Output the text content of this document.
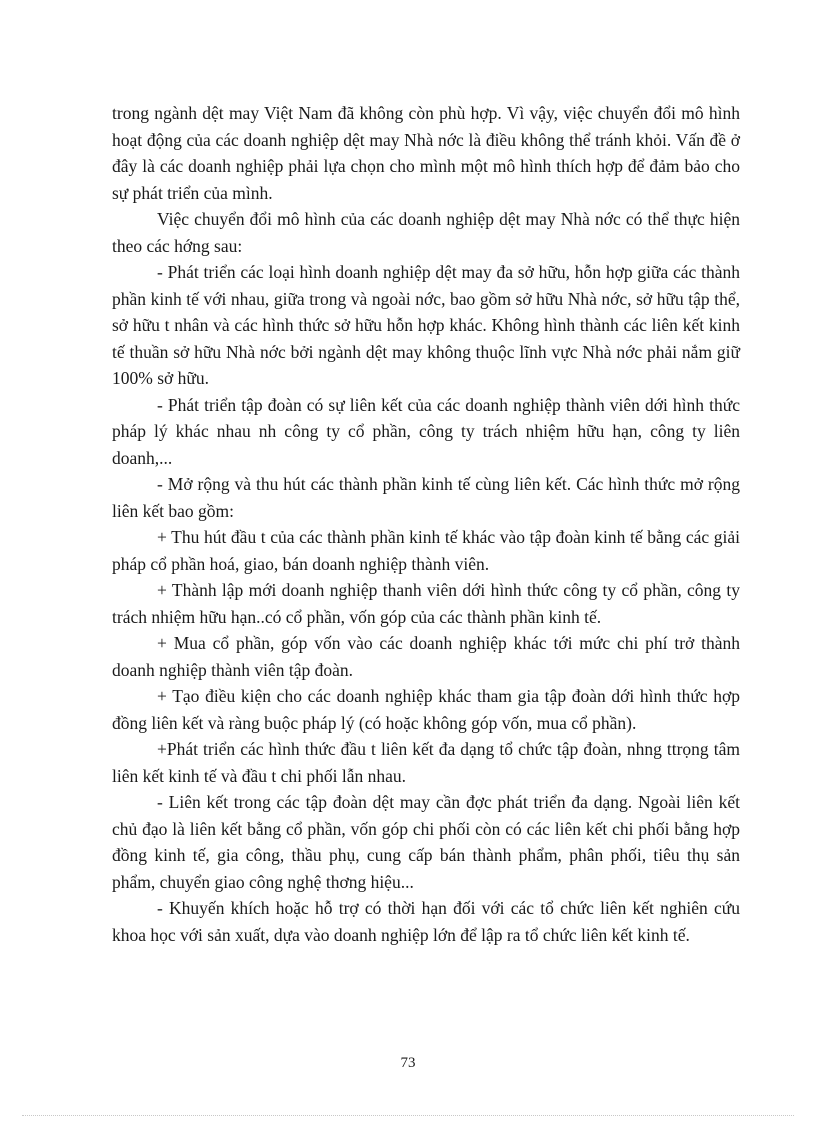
trong ngành dệt may Việt Nam đã không còn phù hợp. Vì vậy, việc chuyển đổi mô hình hoạt động của các doanh nghiệp dệt may Nhà nớc là điều không thể tránh khỏi. Vấn đề ở đây là các doanh nghiệp phải lựa chọn cho mình một mô hình thích hợp để đảm bảo cho sự phát triển của mình.

Việc chuyển đổi mô hình của các doanh nghiệp dệt may Nhà nớc có thể thực hiện theo các hớng sau:

- Phát triển các loại hình doanh nghiệp dệt may đa sở hữu, hỗn hợp giữa các thành phần kinh tế với nhau, giữa trong và ngoài nớc, bao gồm sở hữu Nhà nớc, sở hữu tập thể, sở hữu t nhân và các hình thức sở hữu hỗn hợp khác. Không hình thành các liên kết kinh tế thuần sở hữu Nhà nớc bởi ngành dệt may không thuộc lĩnh vực Nhà nớc phải nắm giữ 100% sở hữu.

- Phát triển tập đoàn có sự liên kết của các doanh nghiệp thành viên dới hình thức pháp lý khác nhau nh công ty cổ phần, công ty trách nhiệm hữu hạn, công ty liên doanh,...

- Mở rộng và thu hút các thành phần kinh tế cùng liên kết. Các hình thức mở rộng liên kết bao gồm:

+ Thu hút đầu t của các thành phần kinh tế khác vào tập đoàn kinh tế bằng các giải pháp cổ phần hoá, giao, bán doanh nghiệp thành viên.

+ Thành lập mới doanh nghiệp thanh viên dới hình thức công ty cổ phần, công ty trách nhiệm hữu hạn..có cổ phần, vốn góp của các thành phần kinh tế.

+ Mua cổ phần, góp vốn vào các doanh nghiệp khác tới mức chi phí trở thành doanh nghiệp thành viên tập đoàn.

+ Tạo điều kiện cho các doanh nghiệp khác tham gia tập đoàn dới hình thức hợp đồng liên kết và ràng buộc pháp lý (có hoặc không góp vốn, mua cổ phần).

+Phát triển các hình thức đầu t liên kết đa dạng tổ chức tập đoàn, nhng ttrọng tâm liên kết kinh tế và đầu t chi phối lẫn nhau.

- Liên kết trong các tập đoàn dệt may cần đợc phát triển đa dạng. Ngoài liên kết chủ đạo là liên kết bằng cổ phần, vốn góp chi phối còn có các liên kết chi phối bằng hợp đồng kinh tế, gia công, thầu phụ, cung cấp bán thành phẩm, phân phối, tiêu thụ sản phẩm, chuyển giao công nghệ thơng hiệu...

- Khuyến khích hoặc hỗ trợ có thời hạn đối với các tổ chức liên kết nghiên cứu khoa học với sản xuất, dựa vào doanh nghiệp lớn để lập ra tổ chức liên kết kinh tế.

73
